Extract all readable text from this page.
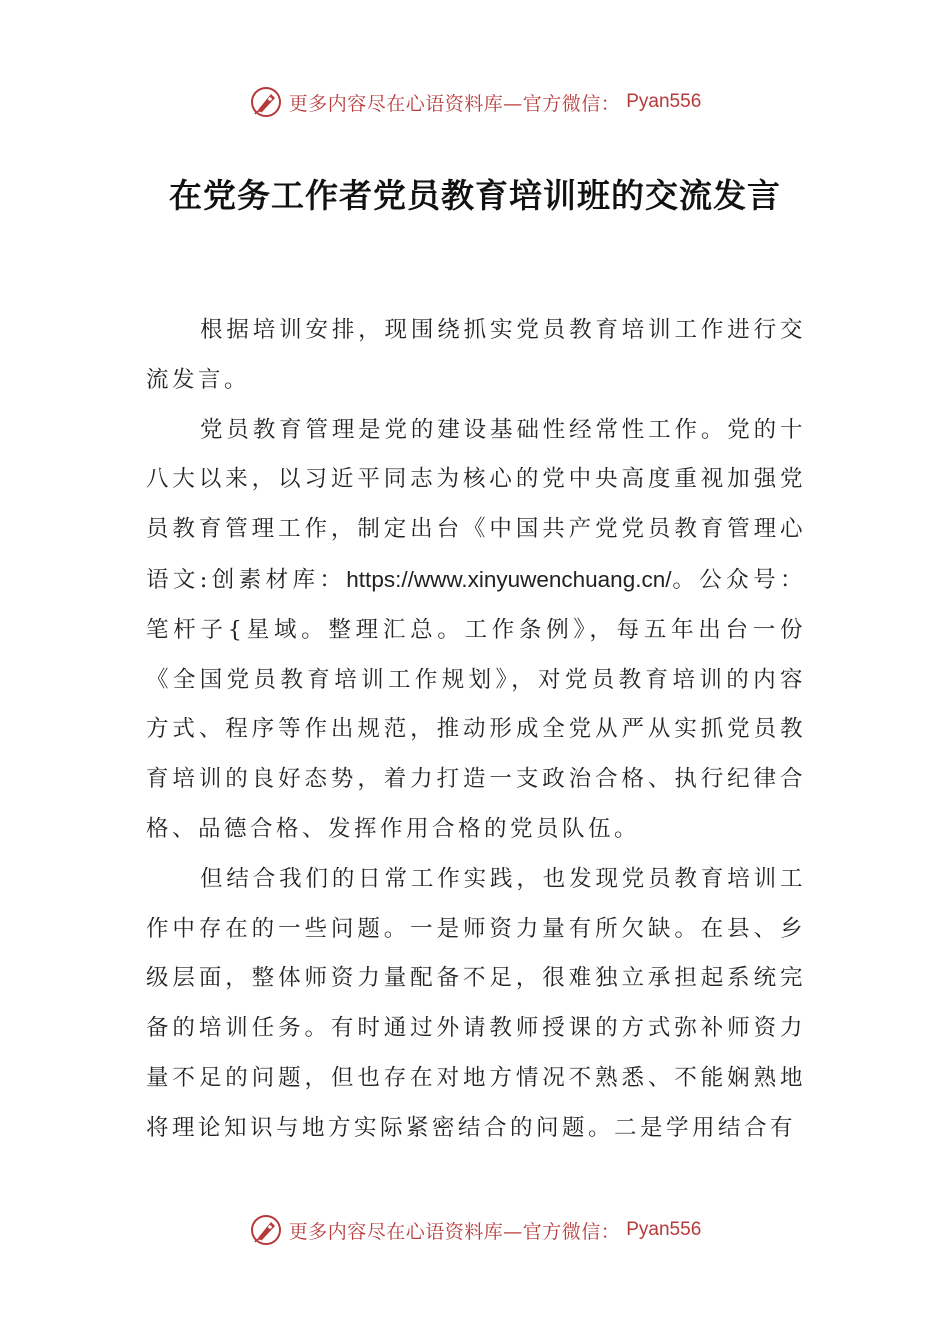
更多内容尽在心语资料库—官方微信： Pyan556
在党务工作者党员教育培训班的交流发言

根据培训安排，现围绕抓实党员教育培训工作进行交流发言。

党员教育管理是党的建设基础性经常性工作。党的十八大以来，以习近平同志为核心的党中央高度重视加强党员教育管理工作，制定出台《中国共产党党员教育管理心语文:创素材库：https://www.xinyuwenchuang.cn/。公众号：笔杆子{星域。整理汇总。工作条例》，每五年出台一份《全国党员教育培训工作规划》，对党员教育培训的内容方式、程序等作出规范，推动形成全党从严从实抓党员教育培训的良好态势，着力打造一支政治合格、执行纪律合格、品德合格、发挥作用合格的党员队伍。

但结合我们的日常工作实践，也发现党员教育培训工作中存在的一些问题。一是师资力量有所欠缺。在县、乡级层面，整体师资力量配备不足，很难独立承担起系统完备的培训任务。有时通过外请教师授课的方式弥补师资力量不足的问题，但也存在对地方情况不熟悉、不能娴熟地将理论知识与地方实际紧密结合的问题。二是学用结合有

更多内容尽在心语资料库—官方微信： Pyan556
